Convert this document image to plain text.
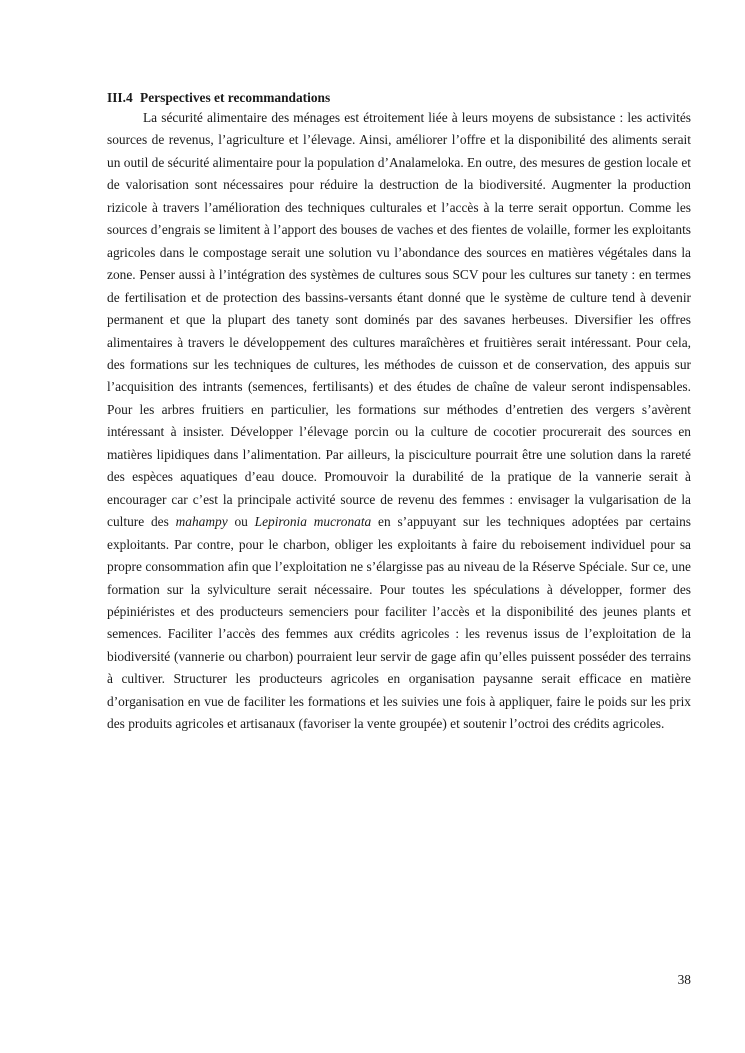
III.4 Perspectives et recommandations

La sécurité alimentaire des ménages est étroitement liée à leurs moyens de subsistance : les activités sources de revenus, l’agriculture et l’élevage. Ainsi, améliorer l’offre et la disponibilité des aliments serait un outil de sécurité alimentaire pour la population d’Analameloka. En outre, des mesures de gestion locale et de valorisation sont nécessaires pour réduire la destruction de la biodiversité. Augmenter la production rizicole à travers l’amélioration des techniques culturales et l’accès à la terre serait opportun. Comme les sources d’engrais se limitent à l’apport des bouses de vaches et des fientes de volaille, former les exploitants agricoles dans le compostage serait une solution vu l’abondance des sources en matières végétales dans la zone. Penser aussi à l’intégration des systèmes de cultures sous SCV pour les cultures sur tanety : en termes de fertilisation et de protection des bassins-versants étant donné que le système de culture tend à devenir permanent et que la plupart des tanety sont dominés par des savanes herbeuses. Diversifier les offres alimentaires à travers le développement des cultures maraîchères et fruitières serait intéressant. Pour cela, des formations sur les techniques de cultures, les méthodes de cuisson et de conservation, des appuis sur l’acquisition des intrants (semences, fertilisants) et des études de chaîne de valeur seront indispensables. Pour les arbres fruitiers en particulier, les formations sur méthodes d’entretien des vergers s’avèrent intéressant à insister. Développer l’élevage porcin ou la culture de cocotier procurerait des sources en matières lipidiques dans l’alimentation. Par ailleurs, la pisciculture pourrait être une solution dans la rareté des espèces aquatiques d’eau douce. Promouvoir la durabilité de la pratique de la vannerie serait à encourager car c’est la principale activité source de revenu des femmes : envisager la vulgarisation de la culture des mahampy ou Lepironia mucronata en s’appuyant sur les techniques adoptées par certains exploitants. Par contre, pour le charbon, obliger les exploitants à faire du reboisement individuel pour sa propre consommation afin que l’exploitation ne s’élargisse pas au niveau de la Réserve Spéciale. Sur ce, une formation sur la sylviculture serait nécessaire. Pour toutes les spéculations à développer, former des pépiniéristes et des producteurs semenciers pour faciliter l’accès et la disponibilité des jeunes plants et semences. Faciliter l’accès des femmes aux crédits agricoles : les revenus issus de l’exploitation de la biodiversité (vannerie ou charbon) pourraient leur servir de gage afin qu’elles puissent posséder des terrains à cultiver. Structurer les producteurs agricoles en organisation paysanne serait efficace en matière d’organisation en vue de faciliter les formations et les suivies une fois à appliquer, faire le poids sur les prix des produits agricoles et artisanaux (favoriser la vente groupée) et soutenir l’octroi des crédits agricoles.

38
